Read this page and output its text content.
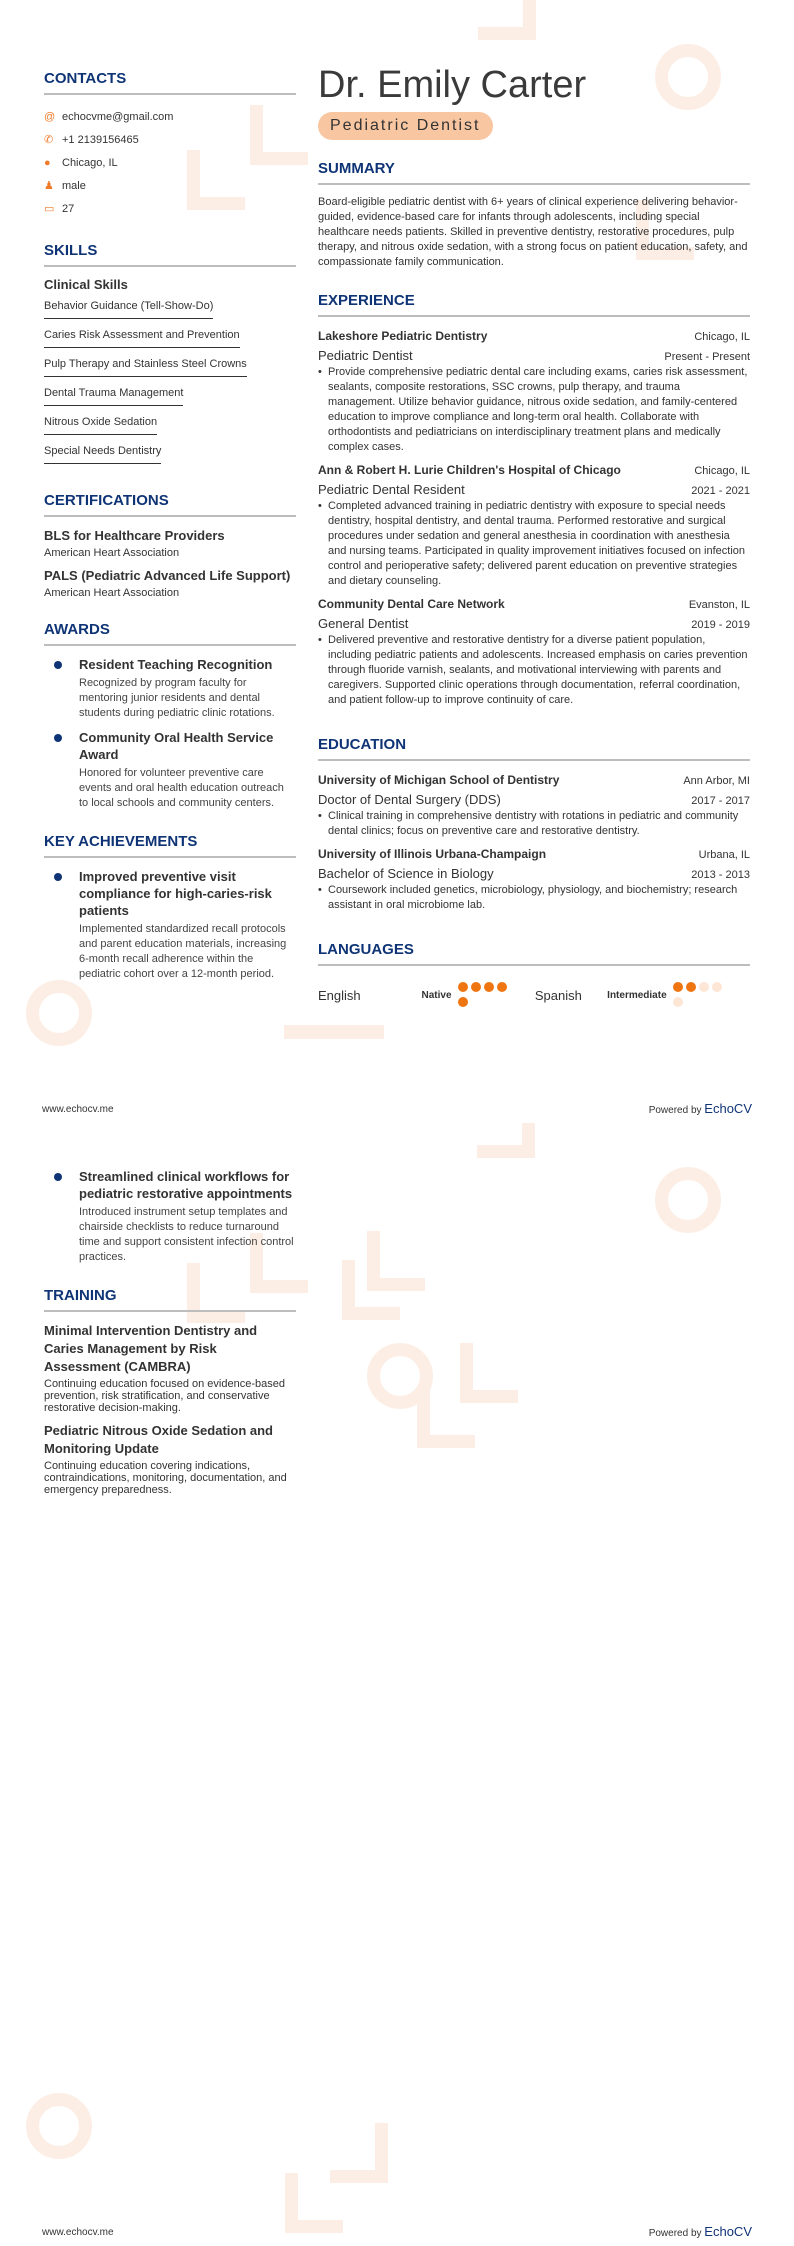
CONTACTS
@ echocvme@gmail.com
✆ +1 2139156465
●	Chicago, IL
♟ male
▭ 27
SKILLS
Clinical Skills
Behavior Guidance (Tell-Show-Do)
Caries Risk Assessment and Prevention
Pulp Therapy and Stainless Steel Crowns
Dental Trauma Management
Nitrous Oxide Sedation
Special Needs Dentistry
CERTIFICATIONS
BLS for Healthcare Providers
American Heart Association
PALS (Pediatric Advanced Life Support)
American Heart Association
AWARDS
Resident Teaching Recognition
Recognized by program faculty for mentoring junior residents and dental students during pediatric clinic rotations.
Community Oral Health Service Award
Honored for volunteer preventive care events and oral health education outreach to local schools and community centers.
KEY ACHIEVEMENTS
Improved preventive visit compliance for high-caries-risk patients
Implemented standardized recall protocols and parent education materials, increasing 6-month recall adherence within the pediatric cohort over a 12-month period.
Dr. Emily Carter
Pediatric Dentist
SUMMARY
Board-eligible pediatric dentist with 6+ years of clinical experience delivering behavior-guided, evidence-based care for infants through adolescents, including special healthcare needs patients. Skilled in preventive dentistry, restorative procedures, pulp therapy, and nitrous oxide sedation, with a strong focus on patient education, safety, and compassionate family communication.
EXPERIENCE
Lakeshore Pediatric Dentistry	Chicago, IL
Pediatric Dentist	Present - Present
• Provide comprehensive pediatric dental care including exams, caries risk assessment, sealants, composite restorations, SSC crowns, pulp therapy, and trauma management. Utilize behavior guidance, nitrous oxide sedation, and family-centered education to improve compliance and long-term oral health. Collaborate with orthodontists and pediatricians on interdisciplinary treatment plans and medically complex cases.
Ann & Robert H. Lurie Children's Hospital of Chicago	Chicago, IL
Pediatric Dental Resident	2021 - 2021
• Completed advanced training in pediatric dentistry with exposure to special needs dentistry, hospital dentistry, and dental trauma. Performed restorative and surgical procedures under sedation and general anesthesia in coordination with anesthesia and nursing teams. Participated in quality improvement initiatives focused on infection control and perioperative safety; delivered parent education on preventive strategies and dietary counseling.
Community Dental Care Network	Evanston, IL
General Dentist	2019 - 2019
• Delivered preventive and restorative dentistry for a diverse patient population, including pediatric patients and adolescents. Increased emphasis on caries prevention through fluoride varnish, sealants, and motivational interviewing with parents and caregivers. Supported clinic operations through documentation, referral coordination, and patient follow-up to improve continuity of care.
EDUCATION
University of Michigan School of Dentistry	Ann Arbor, MI
Doctor of Dental Surgery (DDS)	2017 - 2017
• Clinical training in comprehensive dentistry with rotations in pediatric and community dental clinics; focus on preventive care and restorative dentistry.
University of Illinois Urbana-Champaign	Urbana, IL
Bachelor of Science in Biology	2013 - 2013
• Coursework included genetics, microbiology, physiology, and biochemistry; research assistant in oral microbiome lab.
LANGUAGES
English	Native	Spanish	Intermediate
www.echocv.me	Powered by EchoCV
Streamlined clinical workflows for pediatric restorative appointments
Introduced instrument setup templates and chairside checklists to reduce turnaround time and support consistent infection control practices.
TRAINING
Minimal Intervention Dentistry and Caries Management by Risk Assessment (CAMBRA)
Continuing education focused on evidence-based prevention, risk stratification, and conservative restorative decision-making.
Pediatric Nitrous Oxide Sedation and Monitoring Update
Continuing education covering indications, contraindications, monitoring, documentation, and emergency preparedness.
www.echocv.me	Powered by EchoCV
